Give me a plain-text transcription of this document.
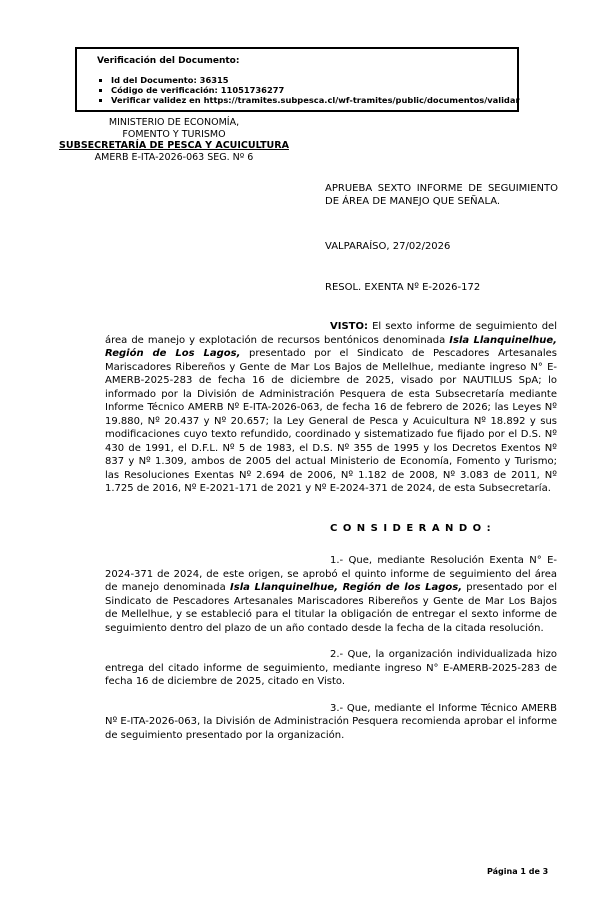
Verificación del Documento:
▪ Id del Documento: 36315
▪ Código de verificación: 11051736277
▪ Verificar validez en https://tramites.subpesca.cl/wf-tramites/public/documentos/validar
MINISTERIO DE ECONOMÍA,
FOMENTO Y TURISMO
SUBSECRETARÍA DE PESCA Y ACUICULTURA
AMERB E-ITA-2026-063 SEG. Nº 6
APRUEBA SEXTO INFORME DE SEGUIMIENTO DE ÁREA DE MANEJO QUE SEÑALA.
VALPARAÍSO, 27/02/2026
RESOL. EXENTA Nº E-2026-172

VISTO: El sexto informe de seguimiento del área de manejo y explotación de recursos bentónicos denominada Isla Llanquinelhue, Región de Los Lagos, presentado por el Sindicato de Pescadores Artesanales Mariscadores Ribereños y Gente de Mar Los Bajos de Mellelhue, mediante ingreso N° E-AMERB-2025-283 de fecha 16 de diciembre de 2025, visado por NAUTILUS SpA; lo informado por la División de Administración Pesquera de esta Subsecretaría mediante Informe Técnico AMERB Nº E-ITA-2026-063, de fecha 16 de febrero de 2026; las Leyes Nº 19.880, Nº 20.437 y Nº 20.657; la Ley General de Pesca y Acuicultura Nº 18.892 y sus modificaciones cuyo texto refundido, coordinado y sistematizado fue fijado por el D.S. Nº 430 de 1991, el D.F.L. Nº 5 de 1983, el D.S. Nº 355 de 1995 y los Decretos Exentos Nº 837 y Nº 1.309, ambos de 2005 del actual Ministerio de Economía, Fomento y Turismo; las Resoluciones Exentas Nº 2.694 de 2006, Nº 1.182 de 2008, Nº 3.083 de 2011, Nº 1.725 de 2016, Nº E-2021-171 de 2021 y Nº E-2024-371 de 2024, de esta Subsecretaría.

C O N S I D E R A N D O :

1.- Que, mediante Resolución Exenta N° E-2024-371 de 2024, de este origen, se aprobó el quinto informe de seguimiento del área de manejo denominada Isla Llanquinelhue, Región de los Lagos, presentado por el Sindicato de Pescadores Artesanales Mariscadores Ribereños y Gente de Mar Los Bajos de Mellelhue, y se estableció para el titular la obligación de entregar el sexto informe de seguimiento dentro del plazo de un año contado desde la fecha de la citada resolución.

2.- Que, la organización individualizada hizo entrega del citado informe de seguimiento, mediante ingreso N° E-AMERB-2025-283 de fecha 16 de diciembre de 2025, citado en Visto.

3.- Que, mediante el Informe Técnico AMERB Nº E-ITA-2026-063, la División de Administración Pesquera recomienda aprobar el informe de seguimiento presentado por la organización.

Página 1 de 3
